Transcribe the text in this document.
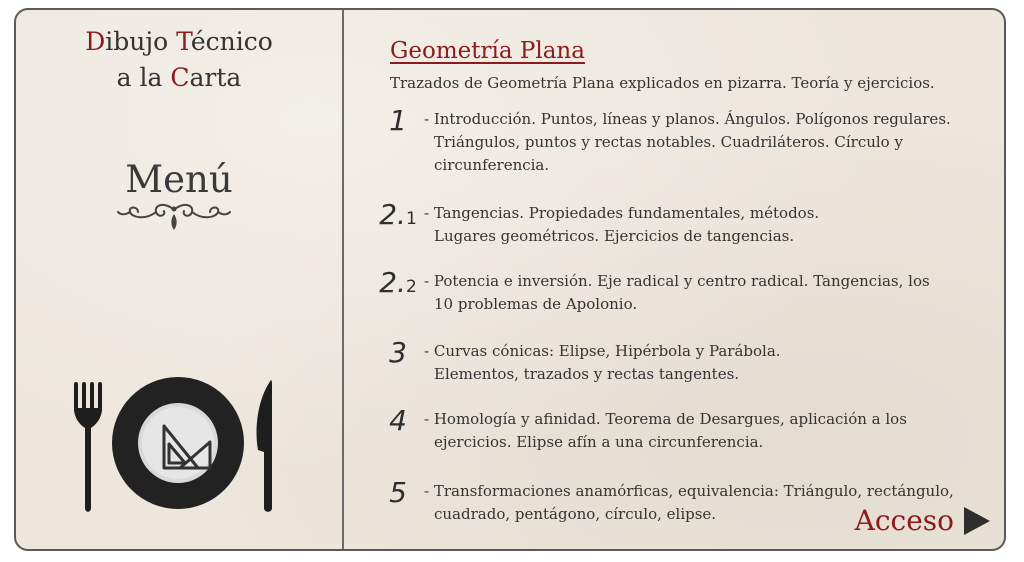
Dibujo Técnico
a la Carta
Menú
Geometría Plana
Trazados de Geometría Plana explicados en pizarra. Teoría y ejercicios.
1	- Introducción. Puntos, líneas y planos. Ángulos. Polígonos regulares.
Triángulos, puntos y rectas notables. Cuadriláteros. Círculo y
circunferencia.
2.1 - Tangencias. Propiedades fundamentales, métodos.
Lugares geométricos. Ejercicios de tangencias.
2.2 - Potencia e inversión. Eje radical y centro radical. Tangencias, los
10 problemas de Apolonio.
3	- Curvas cónicas: Elipse, Hipérbola y Parábola.
Elementos, trazados y rectas tangentes.
4	- Homología y afinidad. Teorema de Desargues, aplicación a los
ejercicios. Elipse afín a una circunferencia.
5	- Transformaciones anamórficas, equivalencia: Triángulo, rectángulo,
cuadrado, pentágono, círculo, elipse.	Acceso
